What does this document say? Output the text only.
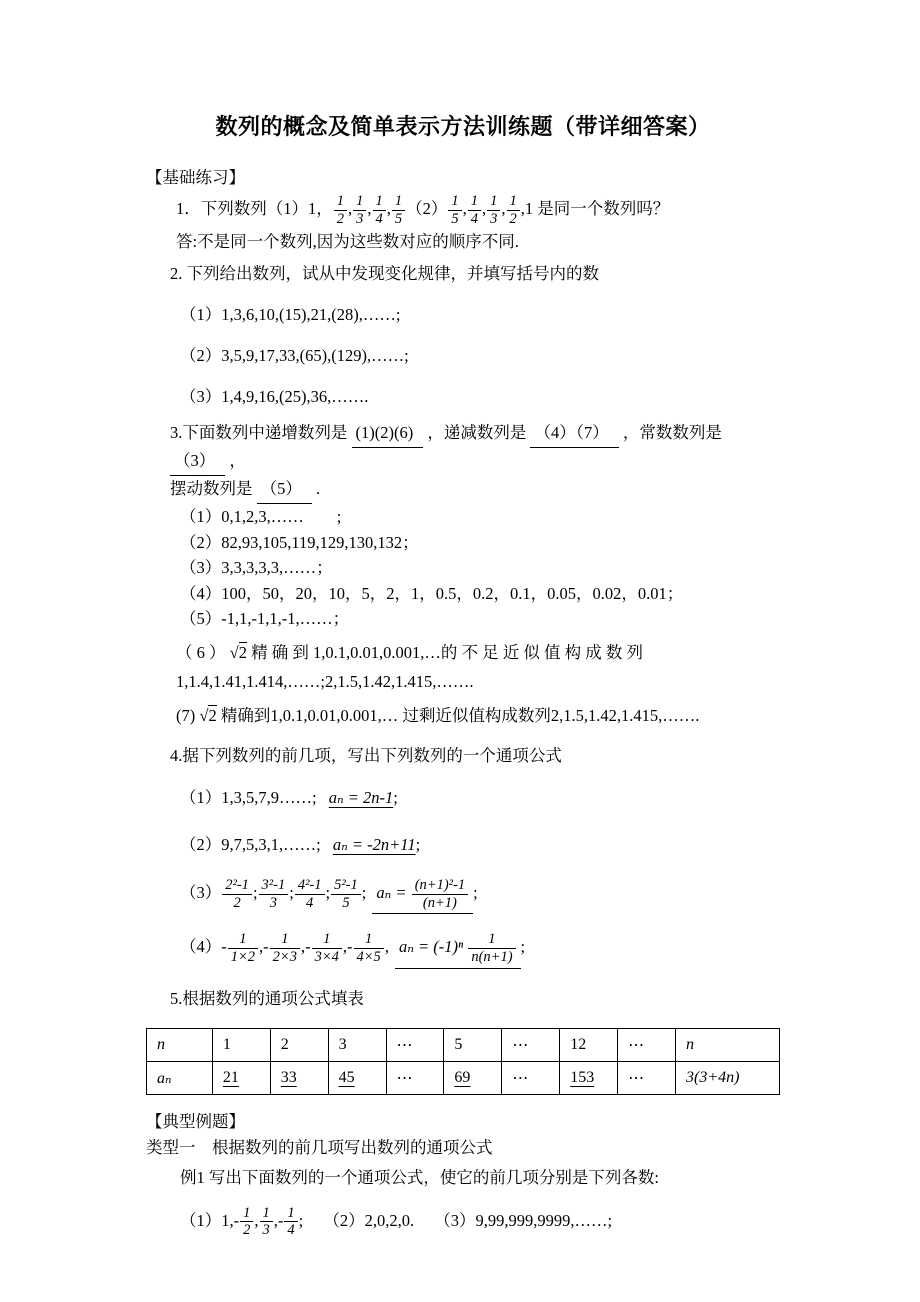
数列的概念及简单表示方法训练题（带详细答案）
【基础练习】
1．下列数列（1）1， $\frac{1}{2}$ , $\frac{1}{3}$ , $\frac{1}{4}$ , $\frac{1}{5} (2) \frac{1}{5}$ , $\frac{1}{4}$ , $\frac{1}{3}$ , $\frac{1}{2} ,1$ 是同一个数列吗？
答:不是同一个数列,因为这些数对应的顺序不同.
2. 下列给出数列，试从中发现变化规律，并填写括号内的数
（1）1,3,6,10,(15),21,(28),……;
（2）3,5,9,17,33,(65),(129),……;
（3）1,4,9,16,(25),36,…….
3.下面数列中递增数列是 (1)(2)(6) ，递减数列是 （4）（7） ，常数数列是 （3） ，
摆动数列是 （5） .
（1）0,1,2,3,……　　;
（2）82,93,105,119,129,130,132；
（3）3,3,3,3,3,……；
（4）100，50，20，10，5，2，1，0.5，0.2，0.1，0.05，0.02，0.01；
（5）-1,1,-1,1,-1,……；
（ 6 ） √2 精 确 到 1,0.1,0.01,0.001,…的 不 足 近 似 值 构 成 数 列
1,1.4,1.41,1.414,……;2,1.5,1.42,1.415,…….
(7) √2 精确到1,0.1,0.01,0.001,… 过剩近似值构成数列2,1.5,1.42,1.415,…….
4.据下列数列的前几项，写出下列数列的一个通项公式
（1）1,3,5,7,9……; aₙ = 2n-1;
（2）9,7,5,3,1,……; aₙ = -2n+11;
$(3) \frac{\text{2²-1}}{2}$ ; $\frac{\text{3²-1}}{3}$ ; $\frac{\text{4²-1}}{4}$ ; $\frac{\text{5²-1}}{5}$ ; $a_n = \frac{\text{(n+1)²-1}}{(n+1)}$ ;
$(4)- \frac{1}{1\times 2}$ ,- $\frac{1}{2\times 3}$ ,- $\frac{1}{3\times 4}$ ,- $\frac{1}{4\times 5}$ , $a_n = (-1)^n \frac{1}{n(n+1)}$ ;
5.根据数列的通项公式填表
n	1	2	3	⋯	5	⋯	12	⋯	n
aₙ	21	33	45	⋯	69	⋯	153	⋯	3(3+4n)
【典型例题】
类型一　根据数列的前几项写出数列的通项公式
例1 写出下面数列的一个通项公式，使它的前几项分别是下列各数:
$(1)1,- \frac{1}{2}$ , $\frac{1}{3}$ ,- $\frac{1}{4}$ ; （2）2,0,2,0. （3）9,99,999,9999,……;
